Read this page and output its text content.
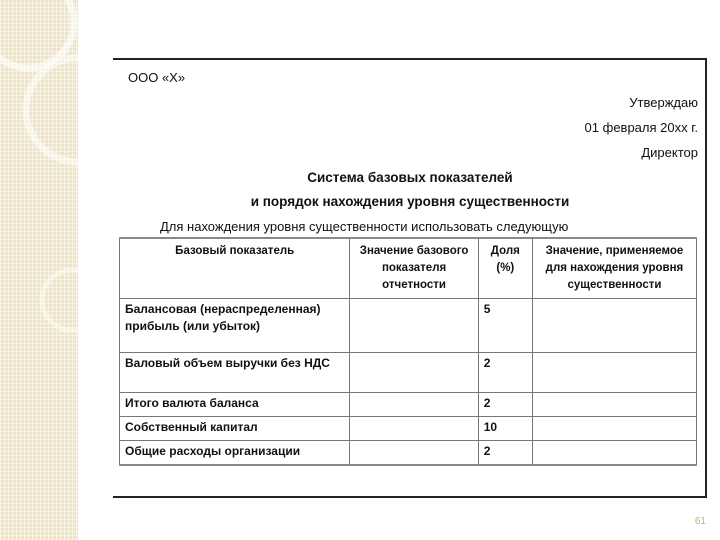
ООО «Х»
Утверждаю
01 февраля 20хх г.
Директор
Система базовых показателей
и порядок нахождения уровня существенности
Для нахождения уровня существенности использовать следующую
Базовый показатель	Значение базового показателя отчетности	Доля (%)	Значение, применяемое для нахождения уровня существенности
Балансовая (нераспределенная) прибыль (или убыток)		5	
Валовый объем выручки без НДС		2	
Итого валюта баланса		2	
Собственный капитал		10	
Общие расходы организации		2	
61
